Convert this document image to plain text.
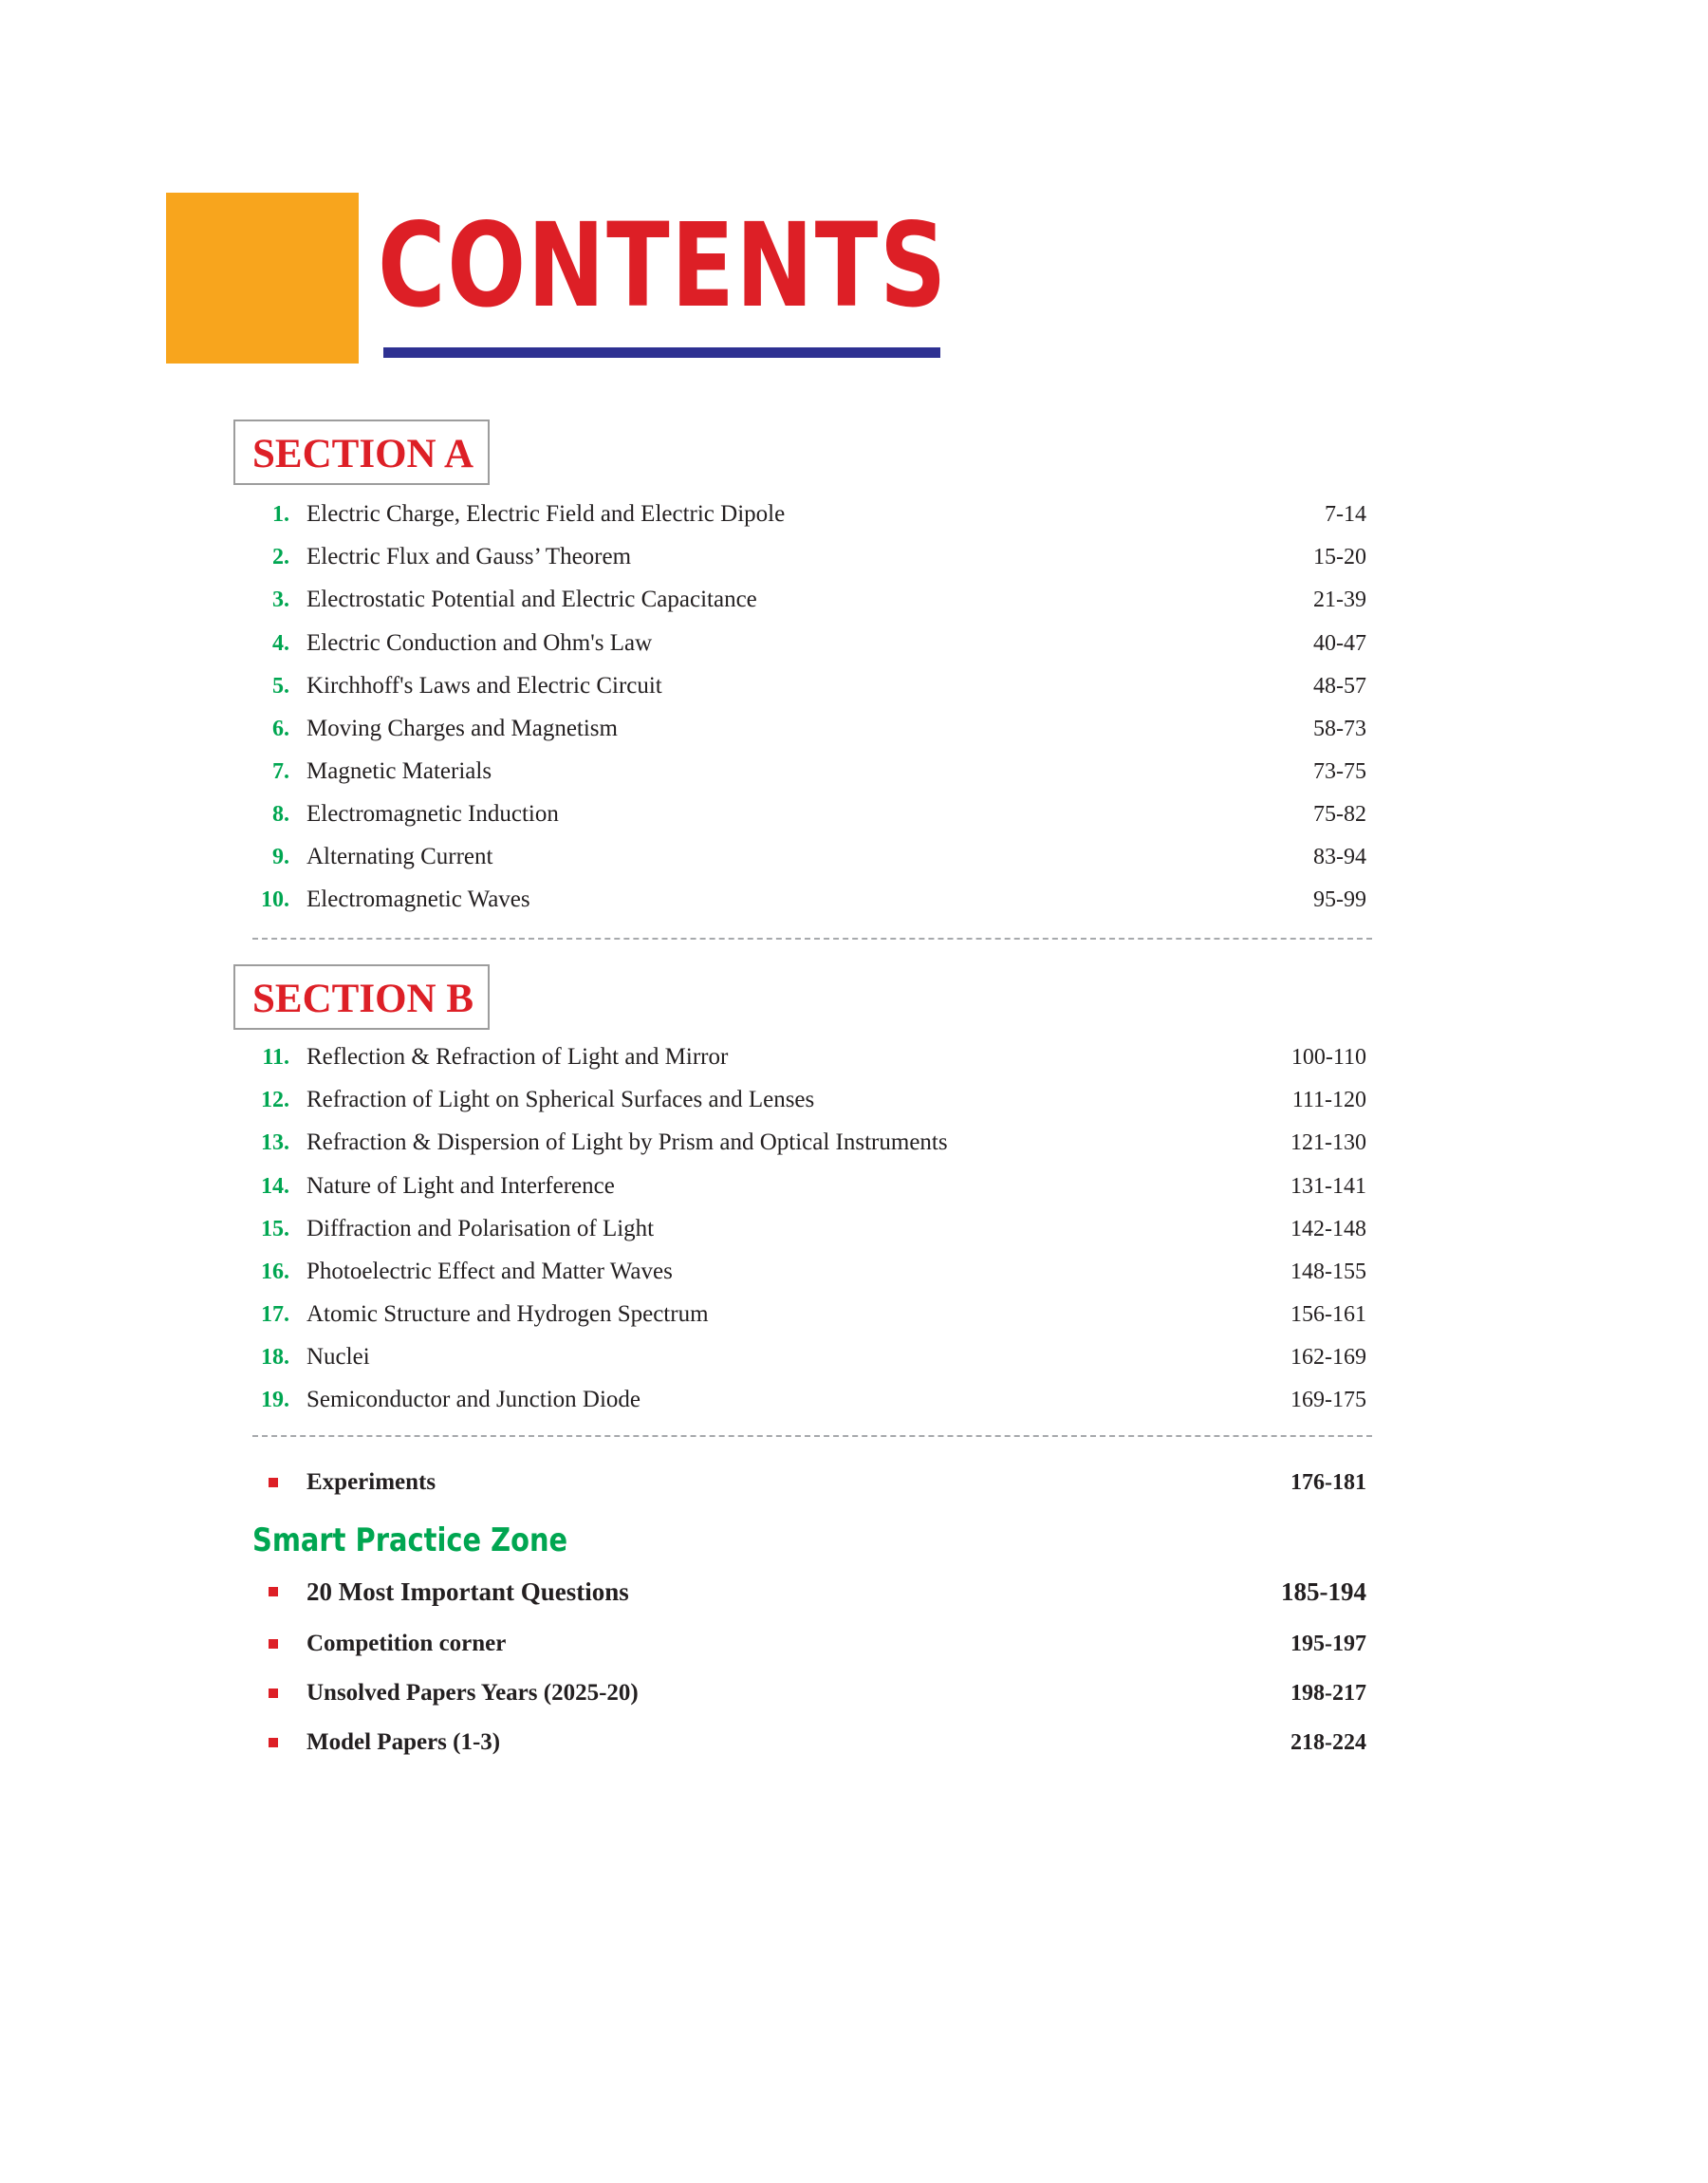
CONTENTS
SECTION A
1. Electric Charge, Electric Field and Electric Dipole	7-14
2. Electric Flux and Gauss’ Theorem	15-20
3. Electrostatic Potential and Electric Capacitance	21-39
4. Electric Conduction and Ohm's Law	40-47
5. Kirchhoff's Laws and Electric Circuit	48-57
6. Moving Charges and Magnetism	58-73
7. Magnetic Materials	73-75
8. Electromagnetic Induction	75-82
9. Alternating Current	83-94
10. Electromagnetic Waves	95-99
SECTION B
11. Reflection & Refraction of Light and Mirror	100-110
12. Refraction of Light on Spherical Surfaces and Lenses	111-120
13. Refraction & Dispersion of Light by Prism and Optical Instruments	121-130
14. Nature of Light and Interference	131-141
15. Diffraction and Polarisation of Light	142-148
16. Photoelectric Effect and Matter Waves	148-155
17. Atomic Structure and Hydrogen Spectrum	156-161
18. Nuclei	162-169
19. Semiconductor and Junction Diode	169-175
Experiments	176-181
Smart Practice Zone
20 Most Important Questions	185-194
Competition corner	195-197
Unsolved Papers Years (2025-20)	198-217
Model Papers (1-3)	218-224
